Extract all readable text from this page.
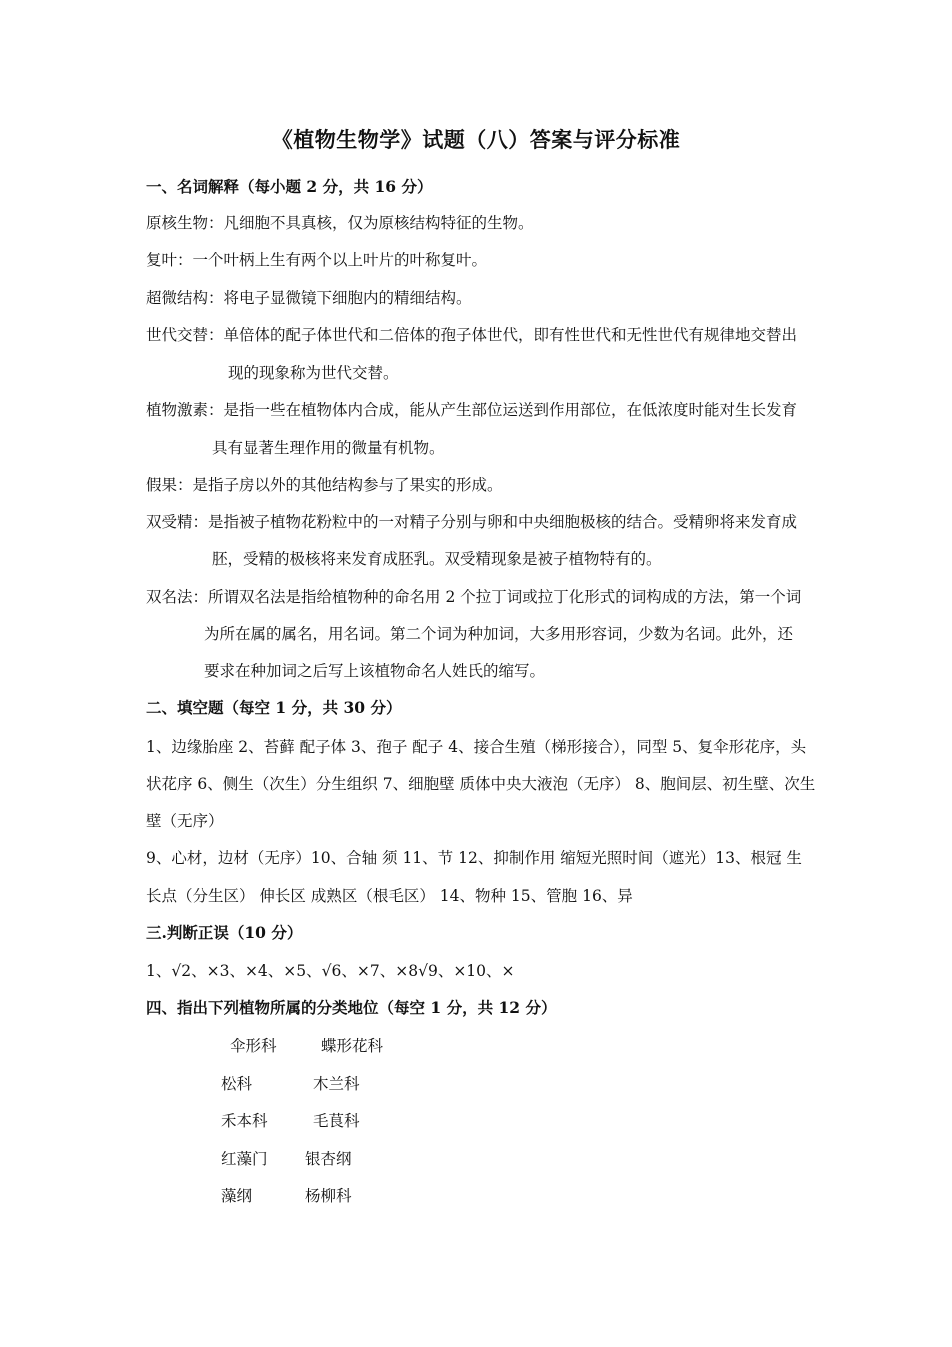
《植物生物学》试题（八）答案与评分标准
一、名词解释（每小题 2 分，共 16 分）
原核生物：凡细胞不具真核，仅为原核结构特征的生物。
复叶：一个叶柄上生有两个以上叶片的叶称复叶。
超微结构：将电子显微镜下细胞内的精细结构。
世代交替：单倍体的配子体世代和二倍体的孢子体世代，即有性世代和无性世代有规律地交替出
现的现象称为世代交替。
植物激素：是指一些在植物体内合成，能从产生部位运送到作用部位，在低浓度时能对生长发育
具有显著生理作用的微量有机物。
假果：是指子房以外的其他结构参与了果实的形成。
双受精：是指被子植物花粉粒中的一对精子分别与卵和中央细胞极核的结合。受精卵将来发育成
胚，受精的极核将来发育成胚乳。双受精现象是被子植物特有的。
双名法：所谓双名法是指给植物种的命名用 2 个拉丁词或拉丁化形式的词构成的方法，第一个词
为所在属的属名，用名词。第二个词为种加词，大多用形容词，少数为名词。此外，还
要求在种加词之后写上该植物命名人姓氏的缩写。
二、填空题（每空 1 分，共 30 分）
1、边缘胎座 2、苔藓 配子体 3、孢子 配子 4、接合生殖（梯形接合），同型 5、复伞形花序，头
状花序 6、侧生（次生）分生组织 7、细胞壁 质体中央大液泡（无序） 8、胞间层、初生壁、次生
壁（无序）
9、心材，边材（无序）10、合轴 须 11、节 12、抑制作用 缩短光照时间（遮光）13、根冠 生
长点（分生区） 伸长区 成熟区（根毛区） 14、物种 15、管胞 16、异
三.判断正误（10 分）
1、√2、×3、×4、×5、√6、×7、×8√9、×10、×
四、指出下列植物所属的分类地位（每空 1 分，共 12 分）
伞形科	蝶形花科
松科	木兰科
禾本科	毛茛科
红藻门 银杏纲
藻纲	杨柳科
